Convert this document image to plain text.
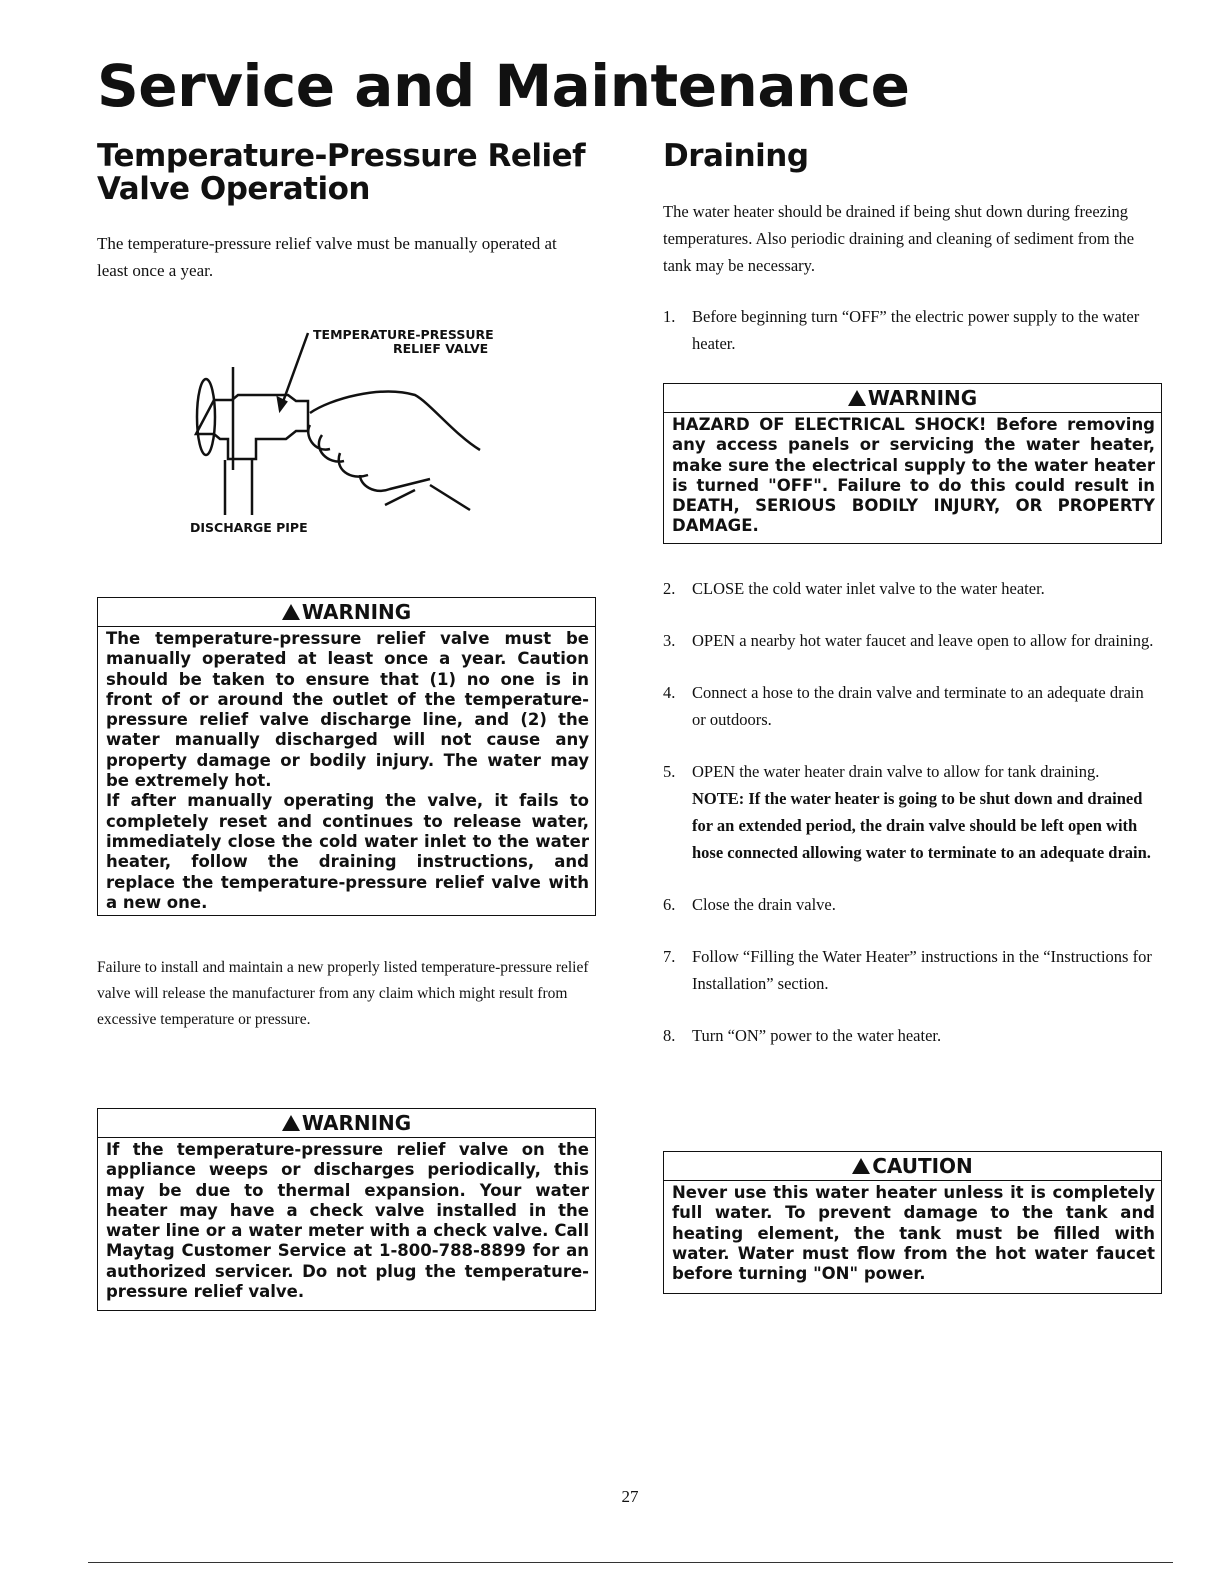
Service and Maintenance
Temperature-Pressure Relief
Valve Operation

The temperature-pressure relief valve must be manually operated at least once a year.

TEMPERATURE-PRESSURE
RELIEF VALVE
DISCHARGE PIPE
WARNING
The temperature-pressure relief valve must be manually operated at least once a year. Caution should be taken to ensure that (1) no one is in front of or around the outlet of the temperature-pressure relief valve discharge line, and (2) the water manually discharged will not cause any property damage or bodily injury. The water may be extremely hot.
If after manually operating the valve, it fails to completely reset and continues to release water, immediately close the cold water inlet to the water heater, follow the draining instructions, and replace the temperature-pressure relief valve with a new one.

Failure to install and maintain a new properly listed temperature-pressure relief valve will release the manufacturer from any claim which might result from excessive temperature or pressure.

WARNING
If the temperature-pressure relief valve on the appliance weeps or discharges periodically, this may be due to thermal expansion. Your water heater may have a check valve installed in the water line or a water meter with a check valve. Call Maytag Customer Service at 1-800-788-8899 for an authorized servicer. Do not plug the temperature-pressure relief valve.
Draining

The water heater should be drained if being shut down during freezing temperatures. Also periodic draining and cleaning of sediment from the tank may be necessary.

1. Before beginning turn “OFF” the electric power supply to the water heater.
WARNING
HAZARD OF ELECTRICAL SHOCK! Before removing any access panels or servicing the water heater, make sure the electrical supply to the water heater is turned "OFF". Failure to do this could result in DEATH, SERIOUS BODILY INJURY, OR PROPERTY DAMAGE.
2. CLOSE the cold water inlet valve to the water heater.
3. OPEN a nearby hot water faucet and leave open to allow for draining.
4. Connect a hose to the drain valve and terminate to an adequate drain or outdoors.
5. OPEN the water heater drain valve to allow for tank draining.
NOTE: If the water heater is going to be shut down and drained for an extended period, the drain valve should be left open with hose connected allowing water to terminate to an adequate drain.
6. Close the drain valve.
7. Follow “Filling the Water Heater” instructions in the “Instructions for Installation” section.
8. Turn “ON” power to the water heater.
CAUTION
Never use this water heater unless it is completely full water. To prevent damage to the tank and heating element, the tank must be filled with water. Water must flow from the hot water faucet before turning "ON" power.
27
